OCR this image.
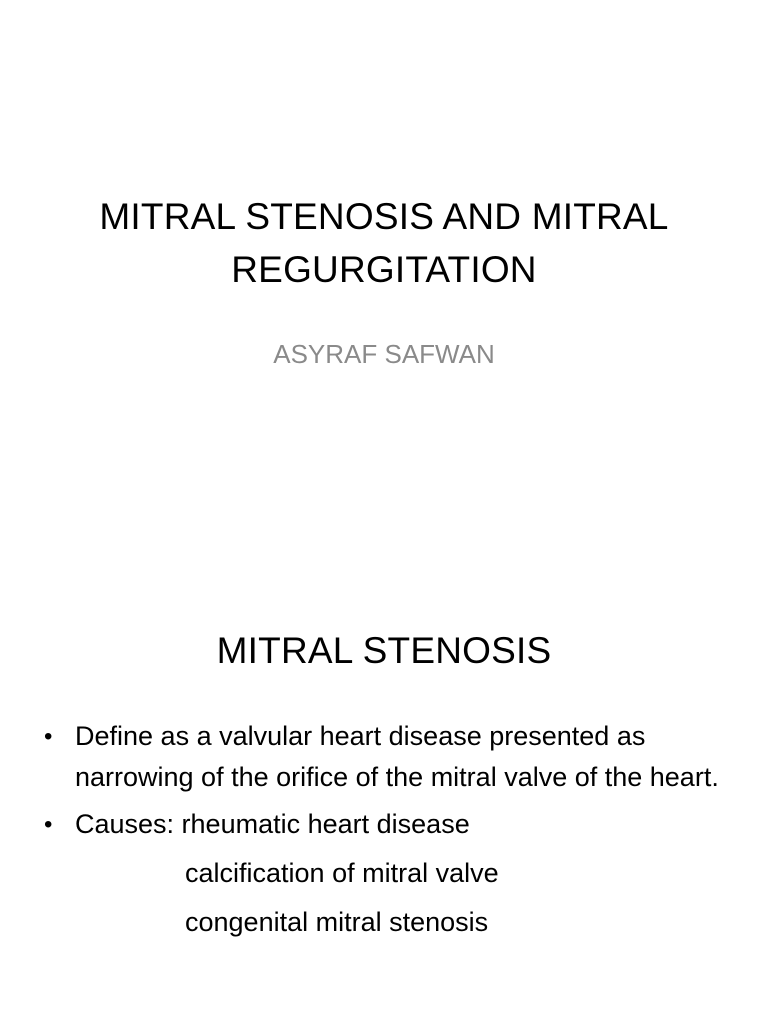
MITRAL STENOSIS AND MITRAL
REGURGITATION
ASYRAF SAFWAN
MITRAL STENOSIS
• Define as a valvular heart disease presented as narrowing of the orifice of the mitral valve of the heart.
• Causes: rheumatic heart disease
calcification of mitral valve
congenital mitral stenosis
